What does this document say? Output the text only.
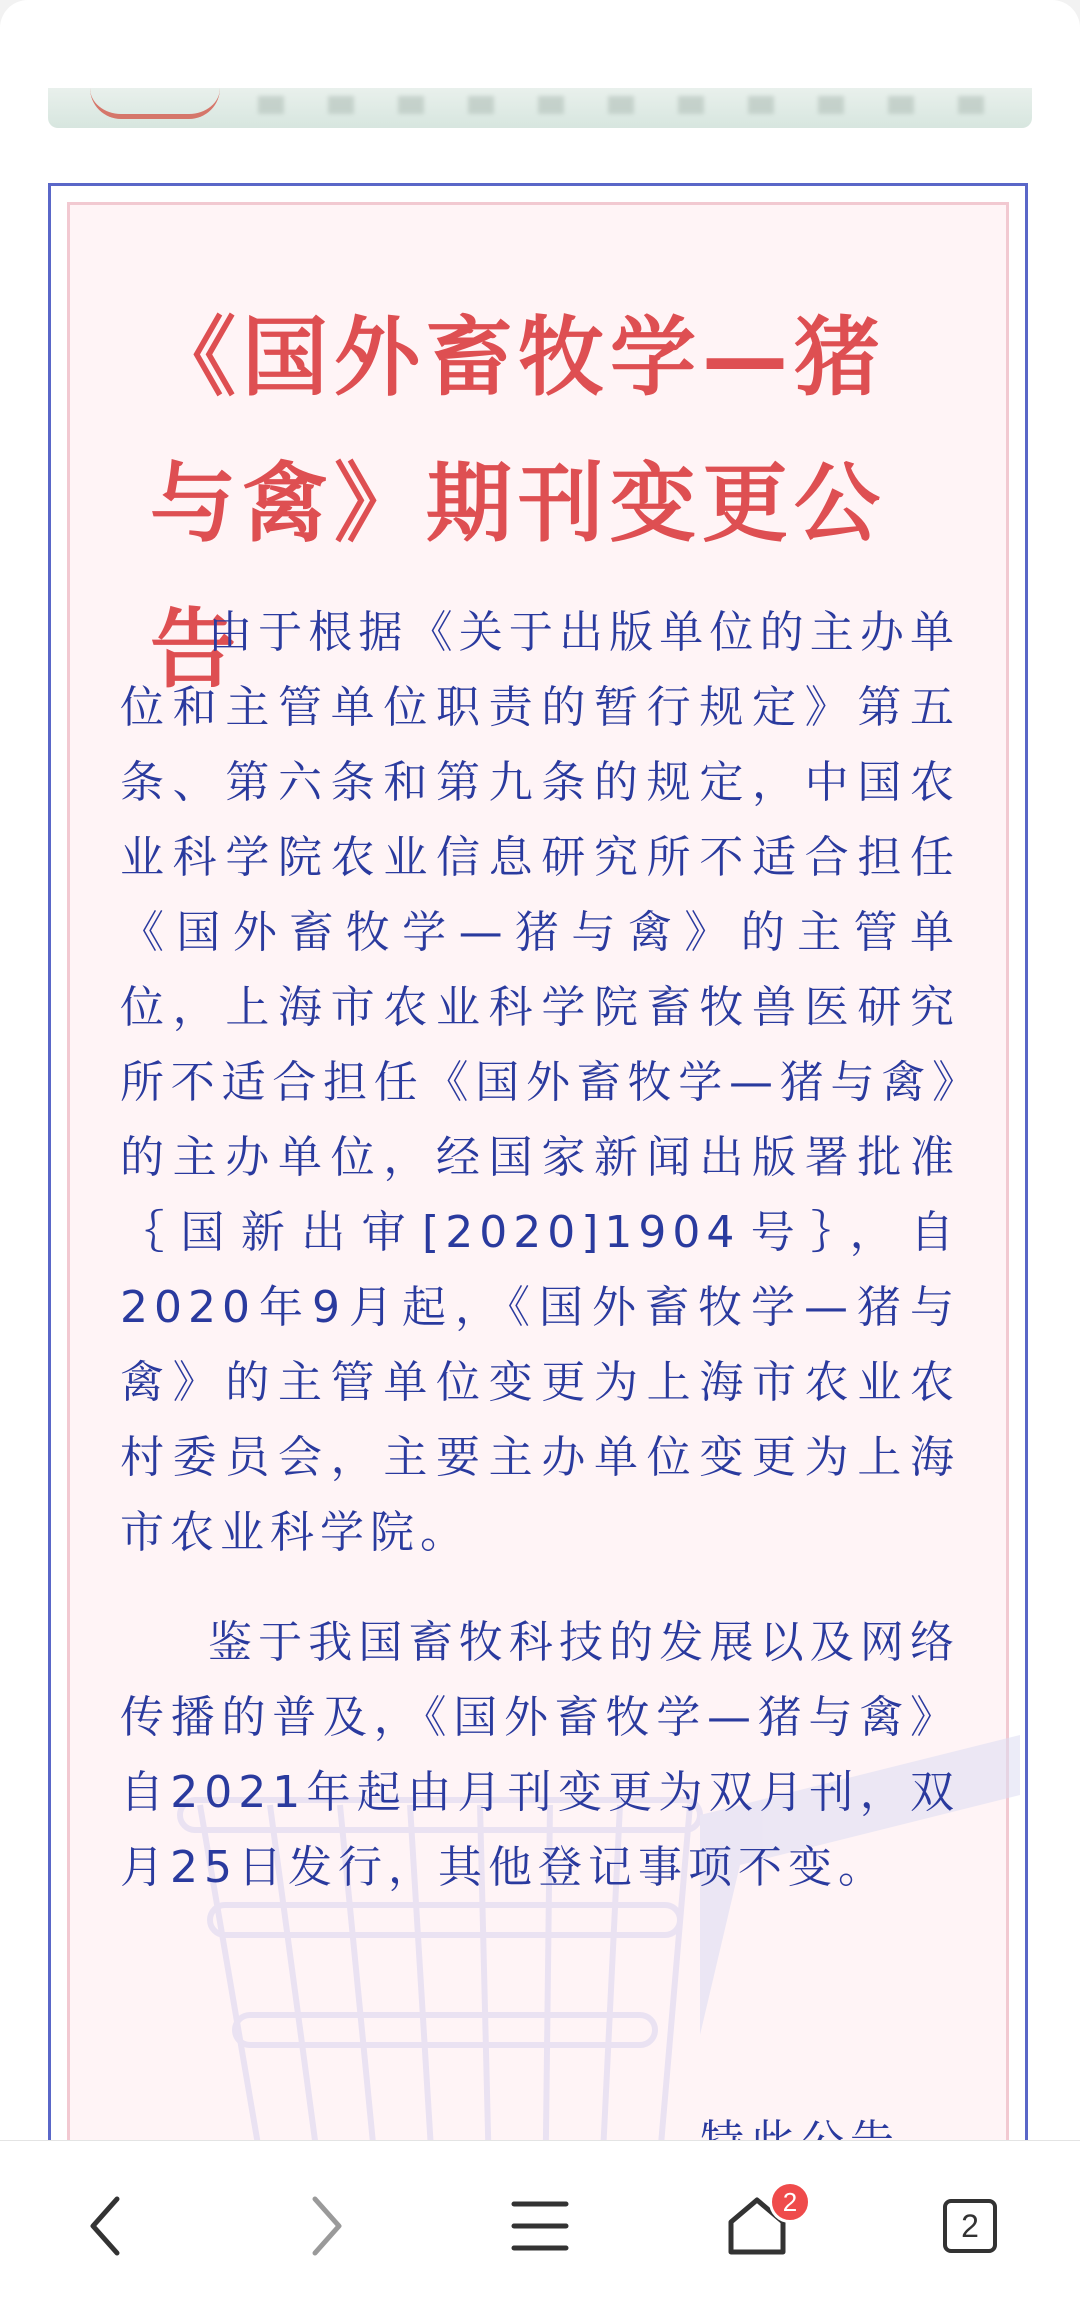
《国外畜牧学—猪与禽》期刊变更公告

由于根据《关于出版单位的主办单位和主管单位职责的暂行规定》第五条、第六条和第九条的规定，中国农业科学院农业信息研究所不适合担任《国外畜牧学—猪与禽》的主管单位，上海市农业科学院畜牧兽医研究所不适合担任《国外畜牧学—猪与禽》的主办单位，经国家新闻出版署批准｛国新出审[2020]1904号｝，自2020年9月起，《国外畜牧学—猪与禽》的主管单位变更为上海市农业农村委员会，主要主办单位变更为上海市农业科学院。

鉴于我国畜牧科技的发展以及网络传播的普及，《国外畜牧学—猪与禽》自2021年起由月刊变更为双月刊，双月25日发行，其他登记事项不变。

2
2
